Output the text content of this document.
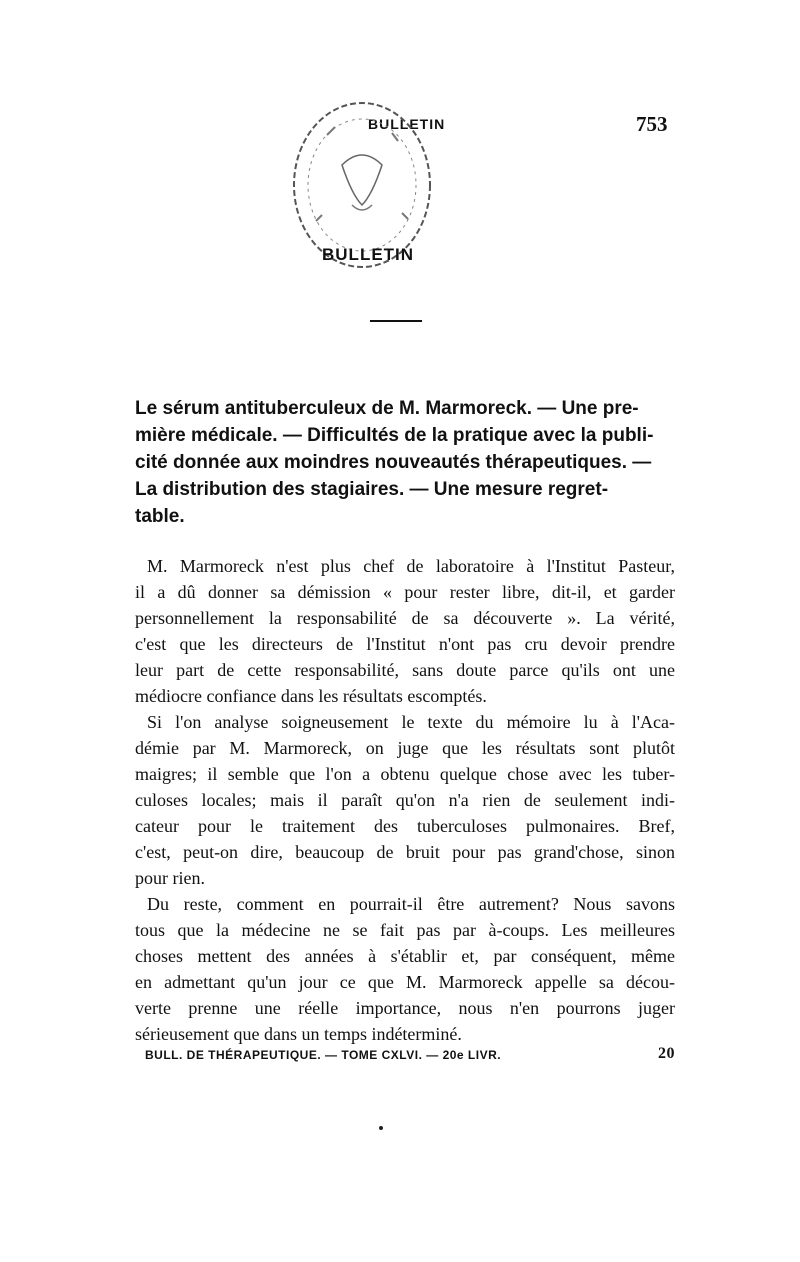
BULLETIN	753
BULLETIN
Le sérum antituberculeux de M. Marmoreck. — Une pre-
mière médicale. — Difficultés de la pratique avec la publi-
cité donnée aux moindres nouveautés thérapeutiques. —
La distribution des stagiaires. — Une mesure regret-
table.
M. Marmoreck n'est plus chef de laboratoire à l'Institut Pasteur,
il a dû donner sa démission « pour rester libre, dit-il, et garder
personnellement la responsabilité de sa découverte ». La vérité,
c'est que les directeurs de l'Institut n'ont pas cru devoir prendre
leur part de cette responsabilité, sans doute parce qu'ils ont une
médiocre confiance dans les résultats escomptés.
Si l'on analyse soigneusement le texte du mémoire lu à l'Aca-
démie par M. Marmoreck, on juge que les résultats sont plutôt
maigres; il semble que l'on a obtenu quelque chose avec les tuber-
culoses locales; mais il paraît qu'on n'a rien de seulement indi-
cateur pour le traitement des tuberculoses pulmonaires. Bref,
c'est, peut-on dire, beaucoup de bruit pour pas grand'chose, sinon
pour rien.
Du reste, comment en pourrait-il être autrement? Nous savons
tous que la médecine ne se fait pas par à-coups. Les meilleures
choses mettent des années à s'établir et, par conséquent, même
en admettant qu'un jour ce que M. Marmoreck appelle sa décou-
verte prenne une réelle importance, nous n'en pourrons juger
sérieusement que dans un temps indéterminé.
BULL. DE THÉRAPEUTIQUE. — TOME CXLVI. — 20e LIVR.	20
